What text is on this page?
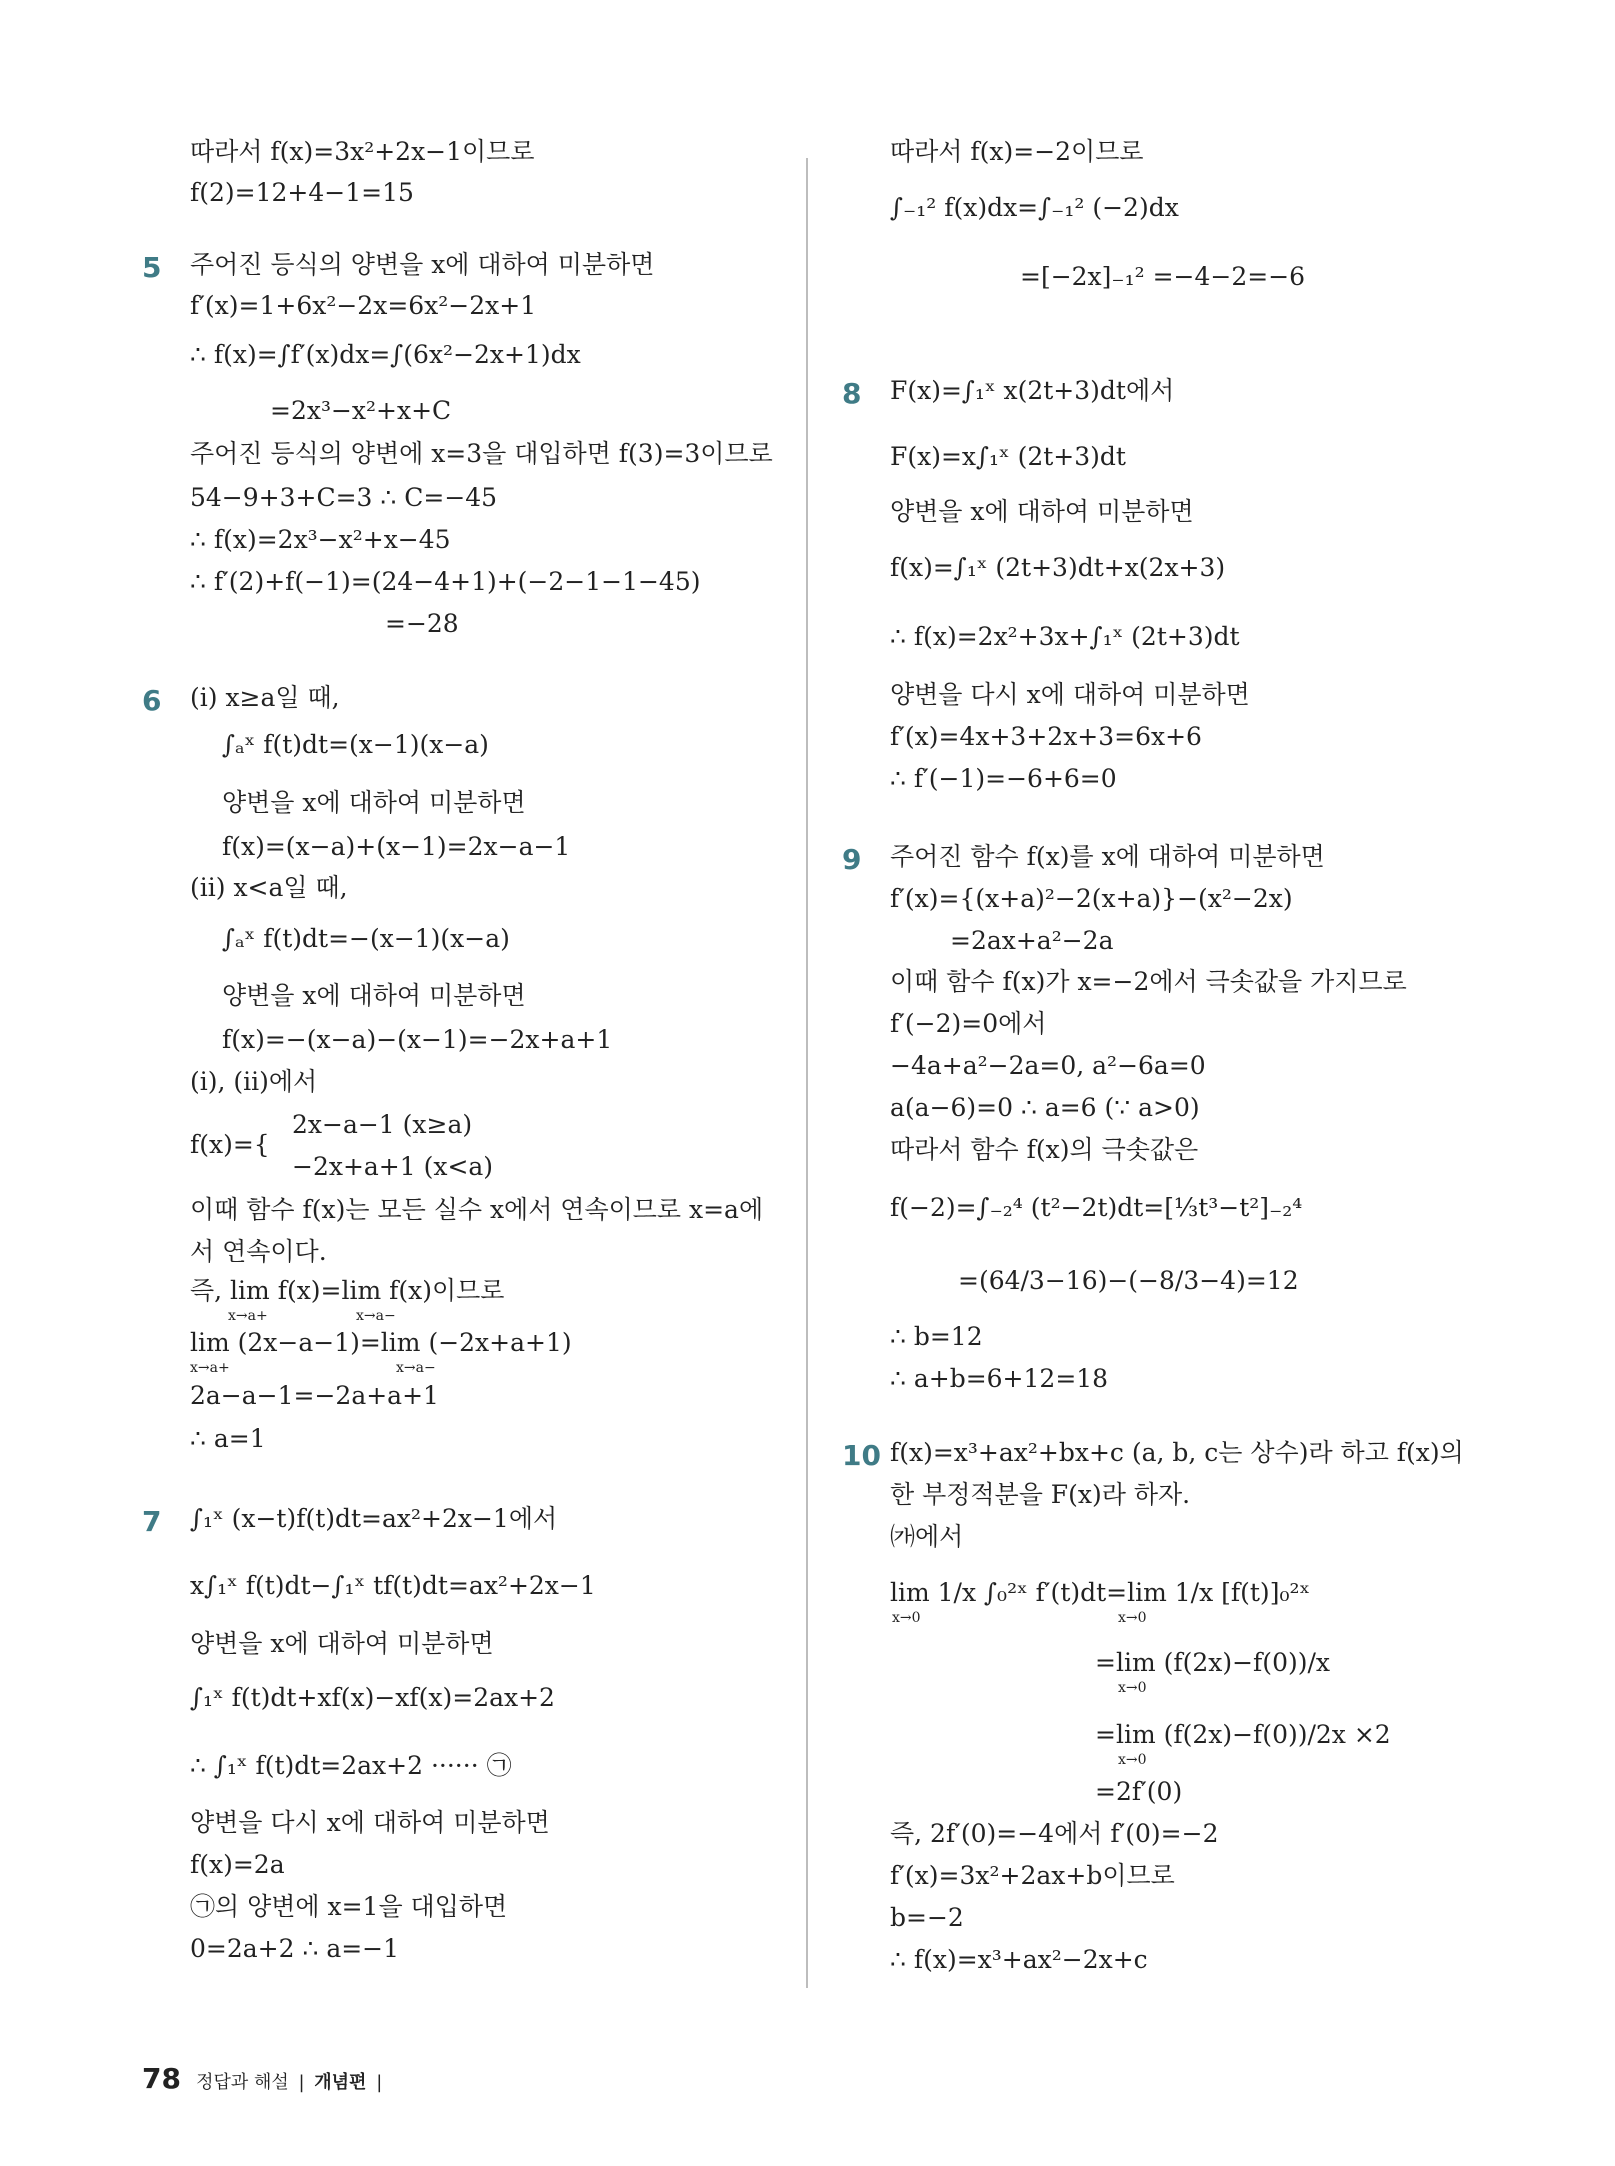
따라서 f(x)=3x²+2x−1이므로
f(2)=12+4−1=15
주어진 등식의 양변을 x에 대하여 미분하면
f′(x)=1+6x²−2x=6x²−2x+1
∴ f(x)=∫f′(x)dx=∫(6x²−2x+1)dx
=2x³−x²+x+C
주어진 등식의 양변에 x=3을 대입하면 f(3)=3이므로
54−9+3+C=3 ∴ C=−45
∴ f(x)=2x³−x²+x−45
∴ f′(2)+f(−1)=(24−4+1)+(−2−1−1−45)
=−28
(i) x≥a일 때,
∫ₐˣ f(t)dt=(x−1)(x−a)
양변을 x에 대하여 미분하면
f(x)=(x−a)+(x−1)=2x−a−1
(ii) x<a일 때,
∫ₐˣ f(t)dt=−(x−1)(x−a)
양변을 x에 대하여 미분하면
f(x)=−(x−a)−(x−1)=−2x+a+1
(i), (ii)에서
2x−a−1 (x≥a)
f(x)={
−2x+a+1 (x<a)
이때 함수 f(x)는 모든 실수 x에서 연속이므로 x=a에
서 연속이다.
즉, lim f(x)=lim f(x)이므로
lim (2x−a−1)=lim (−2x+a+1)
2a−a−1=−2a+a+1
∴ a=1
∫₁ˣ (x−t)f(t)dt=ax²+2x−1에서
x∫₁ˣ f(t)dt−∫₁ˣ tf(t)dt=ax²+2x−1
양변을 x에 대하여 미분하면
∫₁ˣ f(t)dt+xf(x)−xf(x)=2ax+2
∴ ∫₁ˣ f(t)dt=2ax+2 ······ ㉠
양변을 다시 x에 대하여 미분하면
f(x)=2a
㉠의 양변에 x=1을 대입하면
0=2a+2 ∴ a=−1
x→a+	x→a−
x→a+	x→a−
따라서 f(x)=−2이므로
∫₋₁² f(x)dx=∫₋₁² (−2)dx
=[−2x]₋₁² =−4−2=−6
F(x)=∫₁ˣ x(2t+3)dt에서
F(x)=x∫₁ˣ (2t+3)dt
양변을 x에 대하여 미분하면
f(x)=∫₁ˣ (2t+3)dt+x(2x+3)
∴ f(x)=2x²+3x+∫₁ˣ (2t+3)dt
양변을 다시 x에 대하여 미분하면
f′(x)=4x+3+2x+3=6x+6
∴ f′(−1)=−6+6=0
주어진 함수 f(x)를 x에 대하여 미분하면
f′(x)={(x+a)²−2(x+a)}−(x²−2x)
=2ax+a²−2a
이때 함수 f(x)가 x=−2에서 극솟값을 가지므로
f′(−2)=0에서
−4a+a²−2a=0, a²−6a=0
a(a−6)=0 ∴ a=6 (∵ a>0)
따라서 함수 f(x)의 극솟값은
f(−2)=∫₋₂⁴ (t²−2t)dt=[⅓t³−t²]₋₂⁴
=(64/3−16)−(−8/3−4)=12
∴ b=12
∴ a+b=6+12=18
f(x)=x³+ax²+bx+c (a, b, c는 상수)라 하고 f(x)의
한 부정적분을 F(x)라 하자.
㈎에서
lim 1/x ∫₀²ˣ f′(t)dt=lim 1/x [f(t)]₀²ˣ
=lim (f(2x)−f(0))/x
=lim (f(2x)−f(0))/2x ×2
=2f′(0)
즉, 2f′(0)=−4에서 f′(0)=−2
f′(x)=3x²+2ax+b이므로
b=−2
∴ f(x)=x³+ax²−2x+c
x→0	x→0
x→0
x→0
5
6
7
8
9
10
78 정답과 해설 | 개념편 |
